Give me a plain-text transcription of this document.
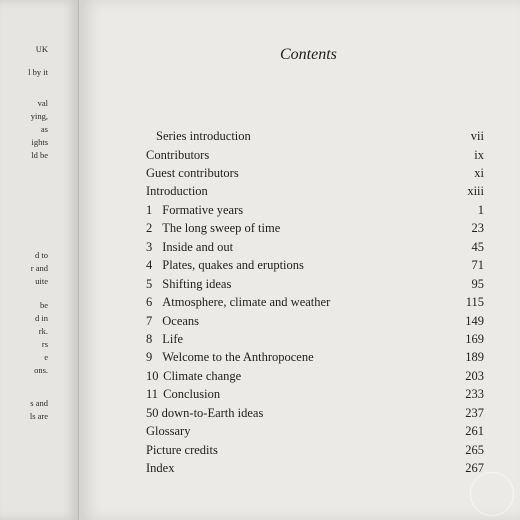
UK
l by it
val
ying,
as
ights
ld be
d to
r and
uite
be
d in
rk.
rs
e
ons.
s and
ls are
Contents
Series introduction	vii
Contributors	ix
Guest contributors	xi
Introduction	xiii
1 Formative years	1
2 The long sweep of time	23
3 Inside and out	45
4 Plates, quakes and eruptions	71
5 Shifting ideas	95
6 Atmosphere, climate and weather	115
7 Oceans	149
8 Life	169
9 Welcome to the Anthropocene	189
10 Climate change	203
11 Conclusion	233
50 down-to-Earth ideas	237
Glossary	261
Picture credits	265
Index	267
